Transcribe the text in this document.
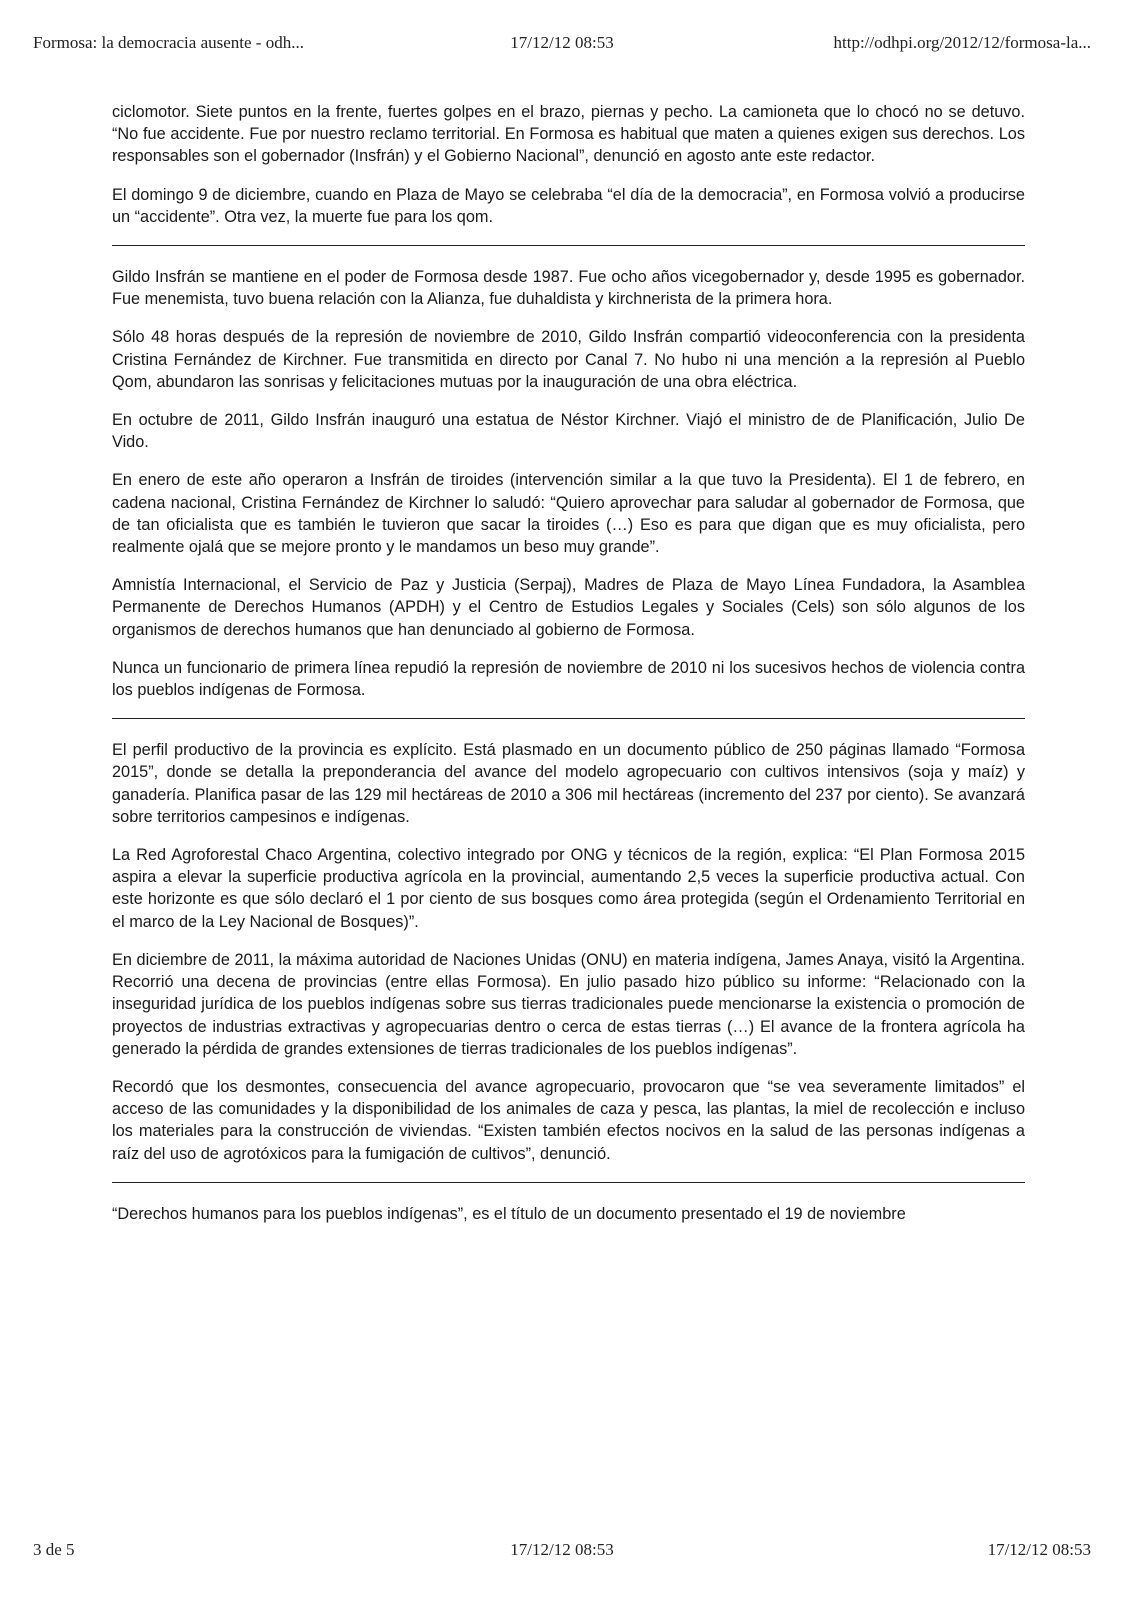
Formosa: la democracia ausente - odh...	17/12/12 08:53	http://odhpi.org/2012/12/formosa-la...

ciclomotor. Siete puntos en la frente, fuertes golpes en el brazo, piernas y pecho. La camioneta que lo chocó no se detuvo. “No fue accidente. Fue por nuestro reclamo territorial. En Formosa es habitual que maten a quienes exigen sus derechos. Los responsables son el gobernador (Insfrán) y el Gobierno Nacional”, denunció en agosto ante este redactor.

El domingo 9 de diciembre, cuando en Plaza de Mayo se celebraba “el día de la democracia”, en Formosa volvió a producirse un “accidente”. Otra vez, la muerte fue para los qom.

Gildo Insfrán se mantiene en el poder de Formosa desde 1987. Fue ocho años vicegobernador y, desde 1995 es gobernador. Fue menemista, tuvo buena relación con la Alianza, fue duhaldista y kirchnerista de la primera hora.

Sólo 48 horas después de la represión de noviembre de 2010, Gildo Insfrán compartió videoconferencia con la presidenta Cristina Fernández de Kirchner. Fue transmitida en directo por Canal 7. No hubo ni una mención a la represión al Pueblo Qom, abundaron las sonrisas y felicitaciones mutuas por la inauguración de una obra eléctrica.

En octubre de 2011, Gildo Insfrán inauguró una estatua de Néstor Kirchner. Viajó el ministro de de Planificación, Julio De Vido.

En enero de este año operaron a Insfrán de tiroides (intervención similar a la que tuvo la Presidenta). El 1 de febrero, en cadena nacional, Cristina Fernández de Kirchner lo saludó: “Quiero aprovechar para saludar al gobernador de Formosa, que de tan oficialista que es también le tuvieron que sacar la tiroides (…) Eso es para que digan que es muy oficialista, pero realmente ojalá que se mejore pronto y le mandamos un beso muy grande”.

Amnistía Internacional, el Servicio de Paz y Justicia (Serpaj), Madres de Plaza de Mayo Línea Fundadora, la Asamblea Permanente de Derechos Humanos (APDH) y el Centro de Estudios Legales y Sociales (Cels) son sólo algunos de los organismos de derechos humanos que han denunciado al gobierno de Formosa.

Nunca un funcionario de primera línea repudió la represión de noviembre de 2010 ni los sucesivos hechos de violencia contra los pueblos indígenas de Formosa.

El perfil productivo de la provincia es explícito. Está plasmado en un documento público de 250 páginas llamado “Formosa 2015”, donde se detalla la preponderancia del avance del modelo agropecuario con cultivos intensivos (soja y maíz) y ganadería. Planifica pasar de las 129 mil hectáreas de 2010 a 306 mil hectáreas (incremento del 237 por ciento). Se avanzará sobre territorios campesinos e indígenas.

La Red Agroforestal Chaco Argentina, colectivo integrado por ONG y técnicos de la región, explica: “El Plan Formosa 2015 aspira a elevar la superficie productiva agrícola en la provincial, aumentando 2,5 veces la superficie productiva actual. Con este horizonte es que sólo declaró el 1 por ciento de sus bosques como área protegida (según el Ordenamiento Territorial en el marco de la Ley Nacional de Bosques)”.

En diciembre de 2011, la máxima autoridad de Naciones Unidas (ONU) en materia indígena, James Anaya, visitó la Argentina. Recorrió una decena de provincias (entre ellas Formosa). En julio pasado hizo público su informe: “Relacionado con la inseguridad jurídica de los pueblos indígenas sobre sus tierras tradicionales puede mencionarse la existencia o promoción de proyectos de industrias extractivas y agropecuarias dentro o cerca de estas tierras (…) El avance de la frontera agrícola ha generado la pérdida de grandes extensiones de tierras tradicionales de los pueblos indígenas”.

Recordó que los desmontes, consecuencia del avance agropecuario, provocaron que “se vea severamente limitados” el acceso de las comunidades y la disponibilidad de los animales de caza y pesca, las plantas, la miel de recolección e incluso los materiales para la construcción de viviendas. “Existen también efectos nocivos en la salud de las personas indígenas a raíz del uso de agrotóxicos para la fumigación de cultivos”, denunció.

“Derechos humanos para los pueblos indígenas”, es el título de un documento presentado el 19 de noviembre

3 de 5	17/12/12 08:53	17/12/12 08:53
